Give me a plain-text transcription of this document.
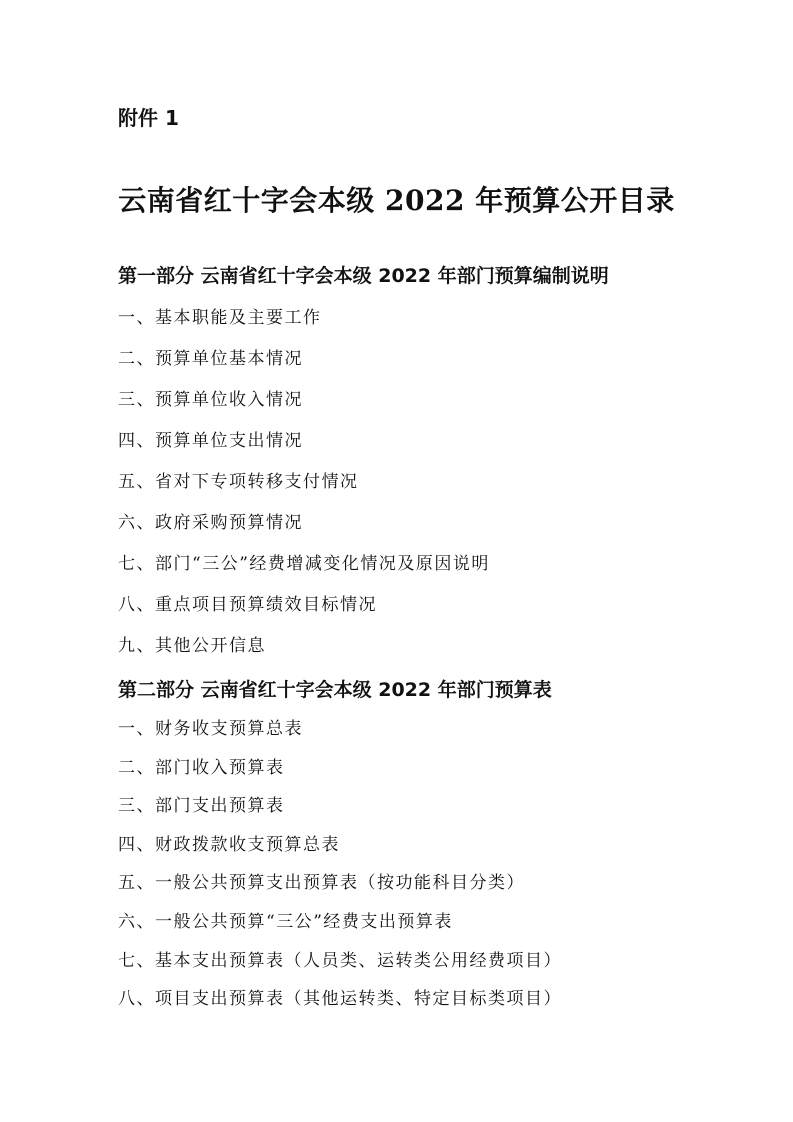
附件 1
云南省红十字会本级 2022 年预算公开目录
第一部分 云南省红十字会本级 2022 年部门预算编制说明
一、基本职能及主要工作
二、预算单位基本情况
三、预算单位收入情况
四、预算单位支出情况
五、省对下专项转移支付情况
六、政府采购预算情况
七、部门“三公”经费增减变化情况及原因说明
八、重点项目预算绩效目标情况
九、其他公开信息
第二部分 云南省红十字会本级 2022 年部门预算表
一、财务收支预算总表
二、部门收入预算表
三、部门支出预算表
四、财政拨款收支预算总表
五、一般公共预算支出预算表（按功能科目分类）
六、一般公共预算“三公”经费支出预算表
七、基本支出预算表（人员类、运转类公用经费项目）
八、项目支出预算表（其他运转类、特定目标类项目）
